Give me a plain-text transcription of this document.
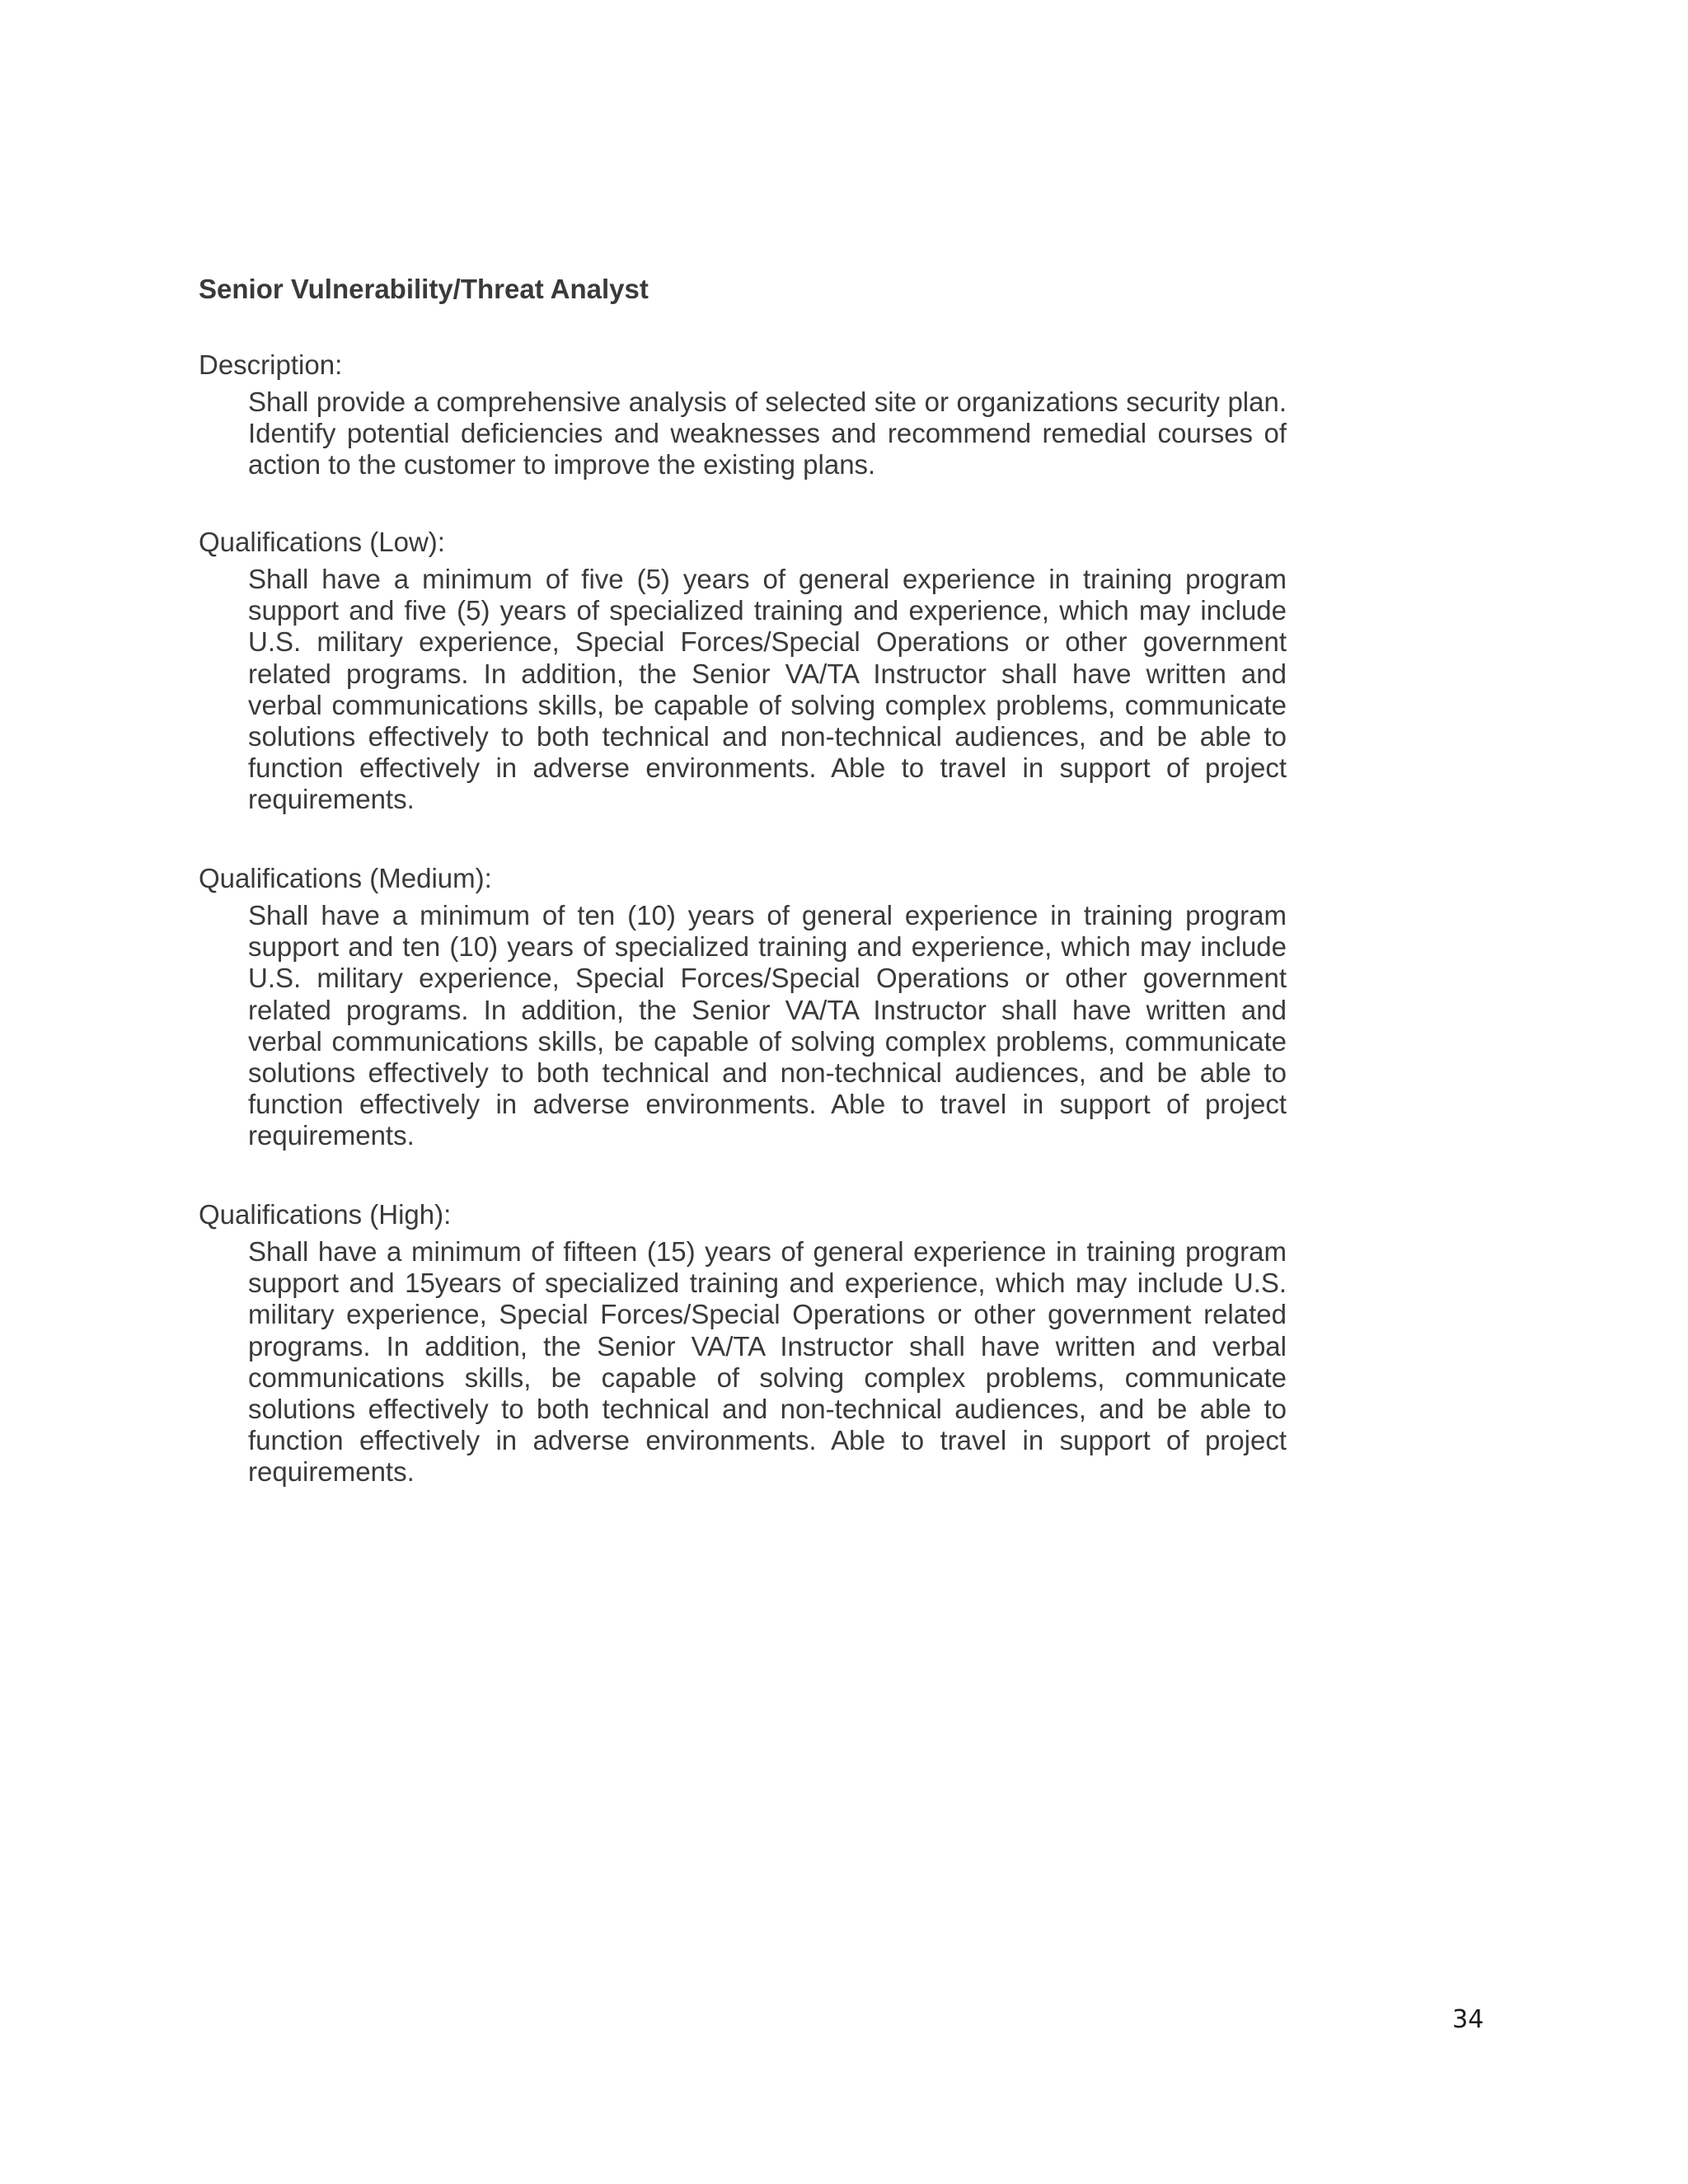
Senior Vulnerability/Threat Analyst

Description:

Shall provide a comprehensive analysis of selected site or organizations security plan. Identify potential deficiencies and weaknesses and recommend remedial courses of action to the customer to improve the existing plans.

Qualifications (Low):

Shall have a minimum of five (5) years of general experience in training program support and five (5) years of specialized training and experience, which may include U.S. military experience, Special Forces/Special Operations or other government related programs. In addition, the Senior VA/TA Instructor shall have written and verbal communications skills, be capable of solving complex problems, communicate solutions effectively to both technical and non-technical audiences, and be able to function effectively in adverse environments. Able to travel in support of project requirements.

Qualifications (Medium):

Shall have a minimum of ten (10) years of general experience in training program support and ten (10) years of specialized training and experience, which may include U.S. military experience, Special Forces/Special Operations or other government related programs. In addition, the Senior VA/TA Instructor shall have written and verbal communications skills, be capable of solving complex problems, communicate solutions effectively to both technical and non-technical audiences, and be able to function effectively in adverse environments. Able to travel in support of project requirements.

Qualifications (High):

Shall have a minimum of fifteen (15) years of general experience in training program support and 15years of specialized training and experience, which may include U.S. military experience, Special Forces/Special Operations or other government related programs. In addition, the Senior VA/TA Instructor shall have written and verbal communications skills, be capable of solving complex problems, communicate solutions effectively to both technical and non-technical audiences, and be able to function effectively in adverse environments. Able to travel in support of project requirements.

34
